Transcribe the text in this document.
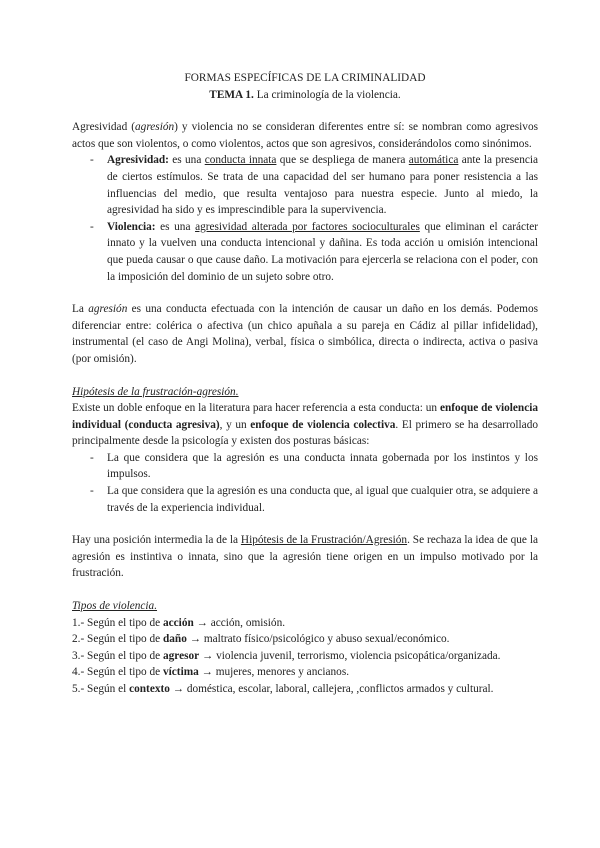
FORMAS ESPECÍFICAS DE LA CRIMINALIDAD

TEMA 1. La criminología de la violencia.

Agresividad (agresión) y violencia no se consideran diferentes entre sí: se nombran como agresivos actos que son violentos, o como violentos, actos que son agresivos, considerándolos como sinónimos.

- Agresividad: es una conducta innata que se despliega de manera automática ante la presencia de ciertos estímulos. Se trata de una capacidad del ser humano para poner resistencia a las influencias del medio, que resulta ventajoso para nuestra especie. Junto al miedo, la agresividad ha sido y es imprescindible para la supervivencia.
- Violencia: es una agresividad alterada por factores socioculturales que eliminan el carácter innato y la vuelven una conducta intencional y dañina. Es toda acción u omisión intencional que pueda causar o que cause daño. La motivación para ejercerla se relaciona con el poder, con la imposición del dominio de un sujeto sobre otro.

La agresión es una conducta efectuada con la intención de causar un daño en los demás. Podemos diferenciar entre: colérica o afectiva (un chico apuñala a su pareja en Cádiz al pillar infidelidad), instrumental (el caso de Angi Molina), verbal, física o simbólica, directa o indirecta, activa o pasiva (por omisión).

Hipótesis de la frustración-agresión.

Existe un doble enfoque en la literatura para hacer referencia a esta conducta: un enfoque de violencia individual (conducta agresiva), y un enfoque de violencia colectiva. El primero se ha desarrollado principalmente desde la psicología y existen dos posturas básicas:

- La que considera que la agresión es una conducta innata gobernada por los instintos y los impulsos.
- La que considera que la agresión es una conducta que, al igual que cualquier otra, se adquiere a través de la experiencia individual.

Hay una posición intermedia la de la Hipótesis de la Frustración/Agresión. Se rechaza la idea de que la agresión es instintiva o innata, sino que la agresión tiene origen en un impulso motivado por la frustración.

Tipos de violencia.

1.- Según el tipo de acción → acción, omisión.

2.- Según el tipo de daño → maltrato físico/psicológico y abuso sexual/económico.

3.- Según el tipo de agresor → violencia juvenil, terrorismo, violencia psicopática/organizada.

4.- Según el tipo de víctima → mujeres, menores y ancianos.

5.- Según el contexto → doméstica, escolar, laboral, callejera, ,conflictos armados y cultural.
